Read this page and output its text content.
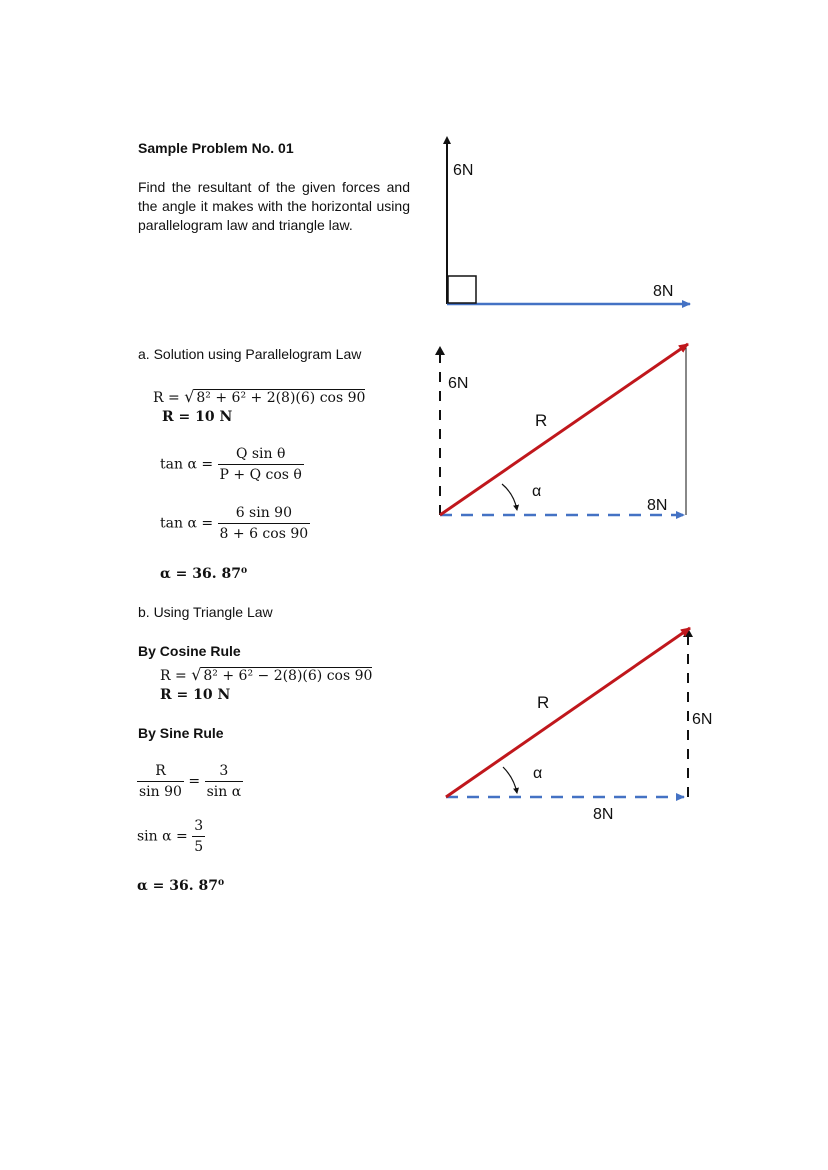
Sample Problem No. 01
Find the resultant of the given forces and the angle it makes with the horizontal using parallelogram law and triangle law.
a. Solution using Parallelogram Law
R = √ 8² + 6² + 2(8)(6) cos 90
R = 10 N
$\tan \alpha = \frac{\text{Q sin θ}}{\text{P + Q cos θ}}$
$\tan \alpha = \frac{6 \sin 90}{8 + 6 \cos 90}$
α = 36. 87⁰
b. Using Triangle Law
By Cosine Rule
R = √ 8² + 6² − 2(8)(6) cos 90
R = 10 N
By Sine Rule
$\frac{R}{\sin 90} = \frac{3}{\text{sin α}}$
$\sin \alpha = \frac{3}{5}$
α = 36. 87⁰
6N
8N
6N
R
α
8N
R
α
8N
6N
